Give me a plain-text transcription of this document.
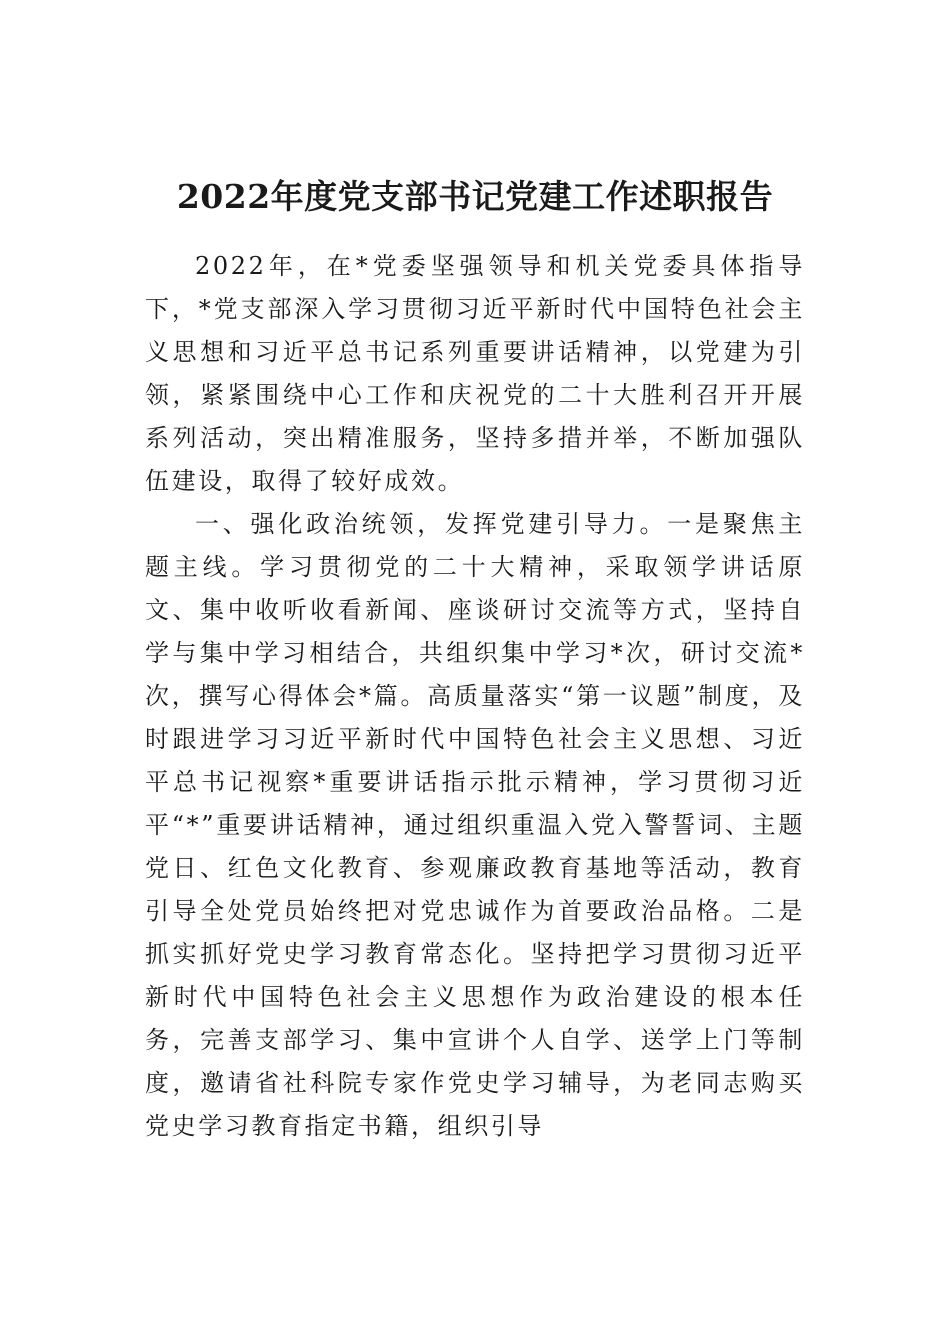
2022年度党支部书记党建工作述职报告

2022年，在*党委坚强领导和机关党委具体指导下，*党支部深入学习贯彻习近平新时代中国特色社会主义思想和习近平总书记系列重要讲话精神，以党建为引领，紧紧围绕中心工作和庆祝党的二十大胜利召开开展系列活动，突出精准服务，坚持多措并举，不断加强队伍建设，取得了较好成效。

一、强化政治统领，发挥党建引导力。一是聚焦主题主线。学习贯彻党的二十大精神，采取领学讲话原文、集中收听收看新闻、座谈研讨交流等方式，坚持自学与集中学习相结合，共组织集中学习*次，研讨交流*次，撰写心得体会*篇。高质量落实“第一议题”制度，及时跟进学习习近平新时代中国特色社会主义思想、习近平总书记视察*重要讲话指示批示精神，学习贯彻习近平“*”重要讲话精神，通过组织重温入党入警誓词、主题党日、红色文化教育、参观廉政教育基地等活动，教育引导全处党员始终把对党忠诚作为首要政治品格。二是抓实抓好党史学习教育常态化。坚持把学习贯彻习近平新时代中国特色社会主义思想作为政治建设的根本任务，完善支部学习、集中宣讲个人自学、送学上门等制度，邀请省社科院专家作党史学习辅导，为老同志购买党史学习教育指定书籍，组织引导
